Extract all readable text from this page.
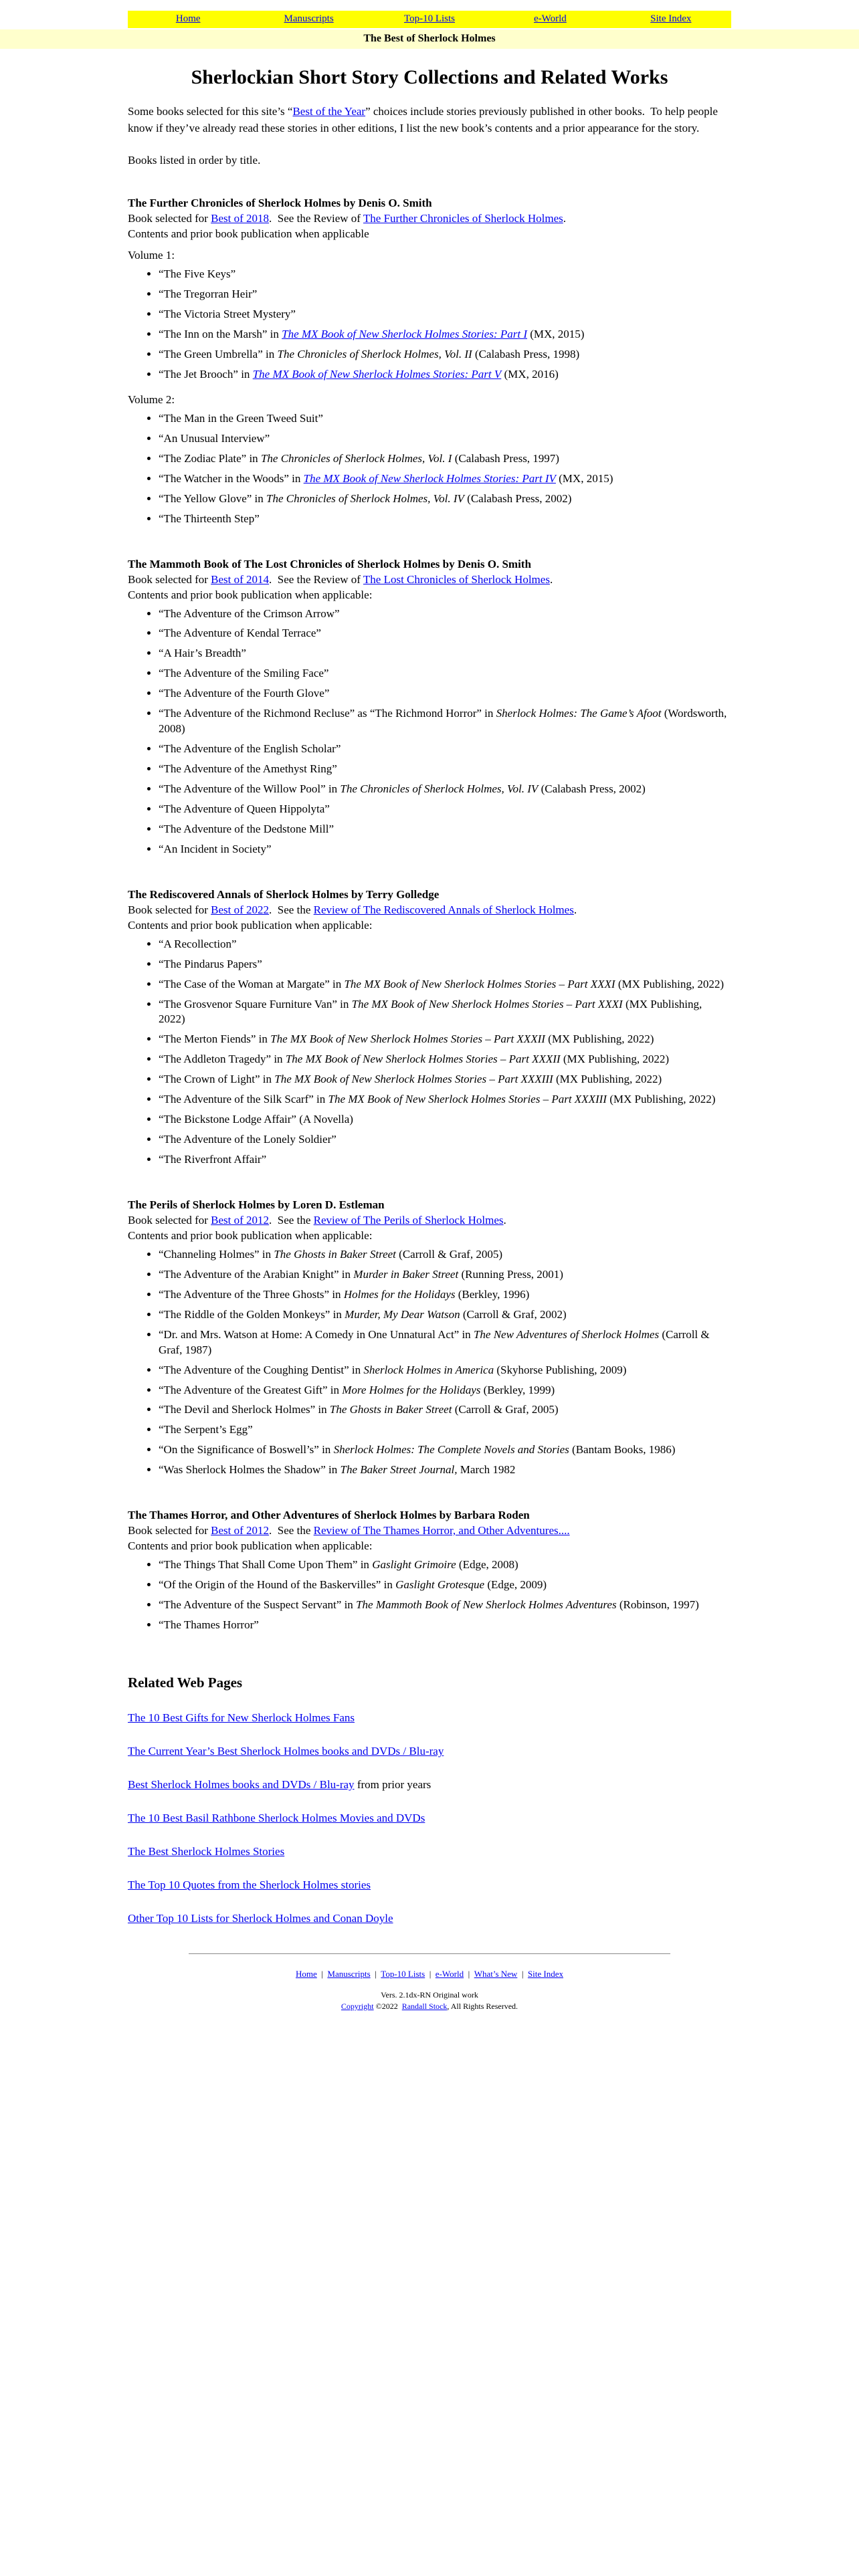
Home	Manuscripts	Top-10 Lists	e-World	Site Index
The Best of Sherlock Holmes
Sherlockian Short Story Collections and Related Works

Some books selected for this site’s “Best of the Year” choices include stories previously published in other books.  To help people know if they’ve already read these stories in other editions, I list the new book’s contents and a prior appearance for the story.

Books listed in order by title.

The Further Chronicles of Sherlock Holmes by Denis O. Smith
Book selected for Best of 2018.  See the Review of The Further Chronicles of Sherlock Holmes.
Contents and prior book publication when applicable
Volume 1:
• “The Five Keys”
• “The Tregorran Heir”
• “The Victoria Street Mystery”
• “The Inn on the Marsh” in The MX Book of New Sherlock Holmes Stories: Part I (MX, 2015)
• “The Green Umbrella” in The Chronicles of Sherlock Holmes, Vol. II (Calabash Press, 1998)
• “The Jet Brooch” in The MX Book of New Sherlock Holmes Stories: Part V (MX, 2016)
Volume 2:
• “The Man in the Green Tweed Suit”
• “An Unusual Interview”
• “The Zodiac Plate” in The Chronicles of Sherlock Holmes, Vol. I (Calabash Press, 1997)
• “The Watcher in the Woods” in The MX Book of New Sherlock Holmes Stories: Part IV (MX, 2015)
• “The Yellow Glove” in The Chronicles of Sherlock Holmes, Vol. IV (Calabash Press, 2002)
• “The Thirteenth Step”
The Mammoth Book of The Lost Chronicles of Sherlock Holmes by Denis O. Smith
Book selected for Best of 2014.  See the Review of The Lost Chronicles of Sherlock Holmes.
Contents and prior book publication when applicable:
• “The Adventure of the Crimson Arrow”
• “The Adventure of Kendal Terrace”
• “A Hair’s Breadth”
• “The Adventure of the Smiling Face”
• “The Adventure of the Fourth Glove”
• “The Adventure of the Richmond Recluse” as “The Richmond Horror” in Sherlock Holmes: The Game’s Afoot (Wordsworth, 2008)
• “The Adventure of the English Scholar”
• “The Adventure of the Amethyst Ring”
• “The Adventure of the Willow Pool” in The Chronicles of Sherlock Holmes, Vol. IV (Calabash Press, 2002)
• “The Adventure of Queen Hippolyta”
• “The Adventure of the Dedstone Mill”
• “An Incident in Society”
The Rediscovered Annals of Sherlock Holmes by Terry Golledge
Book selected for Best of 2022.  See the Review of The Rediscovered Annals of Sherlock Holmes.
Contents and prior book publication when applicable:
• “A Recollection”
• “The Pindarus Papers”
• “The Case of the Woman at Margate” in The MX Book of New Sherlock Holmes Stories – Part XXXI (MX Publishing, 2022)
• “The Grosvenor Square Furniture Van” in The MX Book of New Sherlock Holmes Stories – Part XXXI (MX Publishing, 2022)
• “The Merton Fiends” in The MX Book of New Sherlock Holmes Stories – Part XXXII (MX Publishing, 2022)
• “The Addleton Tragedy” in The MX Book of New Sherlock Holmes Stories – Part XXXII (MX Publishing, 2022)
• “The Crown of Light” in The MX Book of New Sherlock Holmes Stories – Part XXXIII (MX Publishing, 2022)
• “The Adventure of the Silk Scarf” in The MX Book of New Sherlock Holmes Stories – Part XXXIII (MX Publishing, 2022)
• “The Bickstone Lodge Affair” (A Novella)
• “The Adventure of the Lonely Soldier”
• “The Riverfront Affair”
The Perils of Sherlock Holmes by Loren D. Estleman
Book selected for Best of 2012.  See the Review of The Perils of Sherlock Holmes.
Contents and prior book publication when applicable:
• “Channeling Holmes” in The Ghosts in Baker Street (Carroll & Graf, 2005)
• “The Adventure of the Arabian Knight” in Murder in Baker Street (Running Press, 2001)
• “The Adventure of the Three Ghosts” in Holmes for the Holidays (Berkley, 1996)
• “The Riddle of the Golden Monkeys” in Murder, My Dear Watson (Carroll & Graf, 2002)
• “Dr. and Mrs. Watson at Home: A Comedy in One Unnatural Act” in The New Adventures of Sherlock Holmes (Carroll & Graf, 1987)
• “The Adventure of the Coughing Dentist” in Sherlock Holmes in America (Skyhorse Publishing, 2009)
• “The Adventure of the Greatest Gift” in More Holmes for the Holidays (Berkley, 1999)
• “The Devil and Sherlock Holmes” in The Ghosts in Baker Street (Carroll & Graf, 2005)
• “The Serpent’s Egg”
• “On the Significance of Boswell’s” in Sherlock Holmes: The Complete Novels and Stories (Bantam Books, 1986)
• “Was Sherlock Holmes the Shadow” in The Baker Street Journal, March 1982
The Thames Horror, and Other Adventures of Sherlock Holmes by Barbara Roden
Book selected for Best of 2012.  See the Review of The Thames Horror, and Other Adventures....
Contents and prior book publication when applicable:
• “The Things That Shall Come Upon Them” in Gaslight Grimoire (Edge, 2008)
• “Of the Origin of the Hound of the Baskervilles” in Gaslight Grotesque (Edge, 2009)
• “The Adventure of the Suspect Servant” in The Mammoth Book of New Sherlock Holmes Adventures (Robinson, 1997)
• “The Thames Horror”
Related Web Pages
The 10 Best Gifts for New Sherlock Holmes Fans
The Current Year’s Best Sherlock Holmes books and DVDs / Blu-ray
Best Sherlock Holmes books and DVDs / Blu-ray from prior years
The 10 Best Basil Rathbone Sherlock Holmes Movies and DVDs
The Best Sherlock Holmes Stories
The Top 10 Quotes from the Sherlock Holmes stories
Other Top 10 Lists for Sherlock Holmes and Conan Doyle
Home  |  Manuscripts  |  Top-10 Lists  |  e-World  |  What’s New  |  Site Index
Vers. 2.1dx-RN Original work
Copyright ©2022  Randall Stock, All Rights Reserved.
